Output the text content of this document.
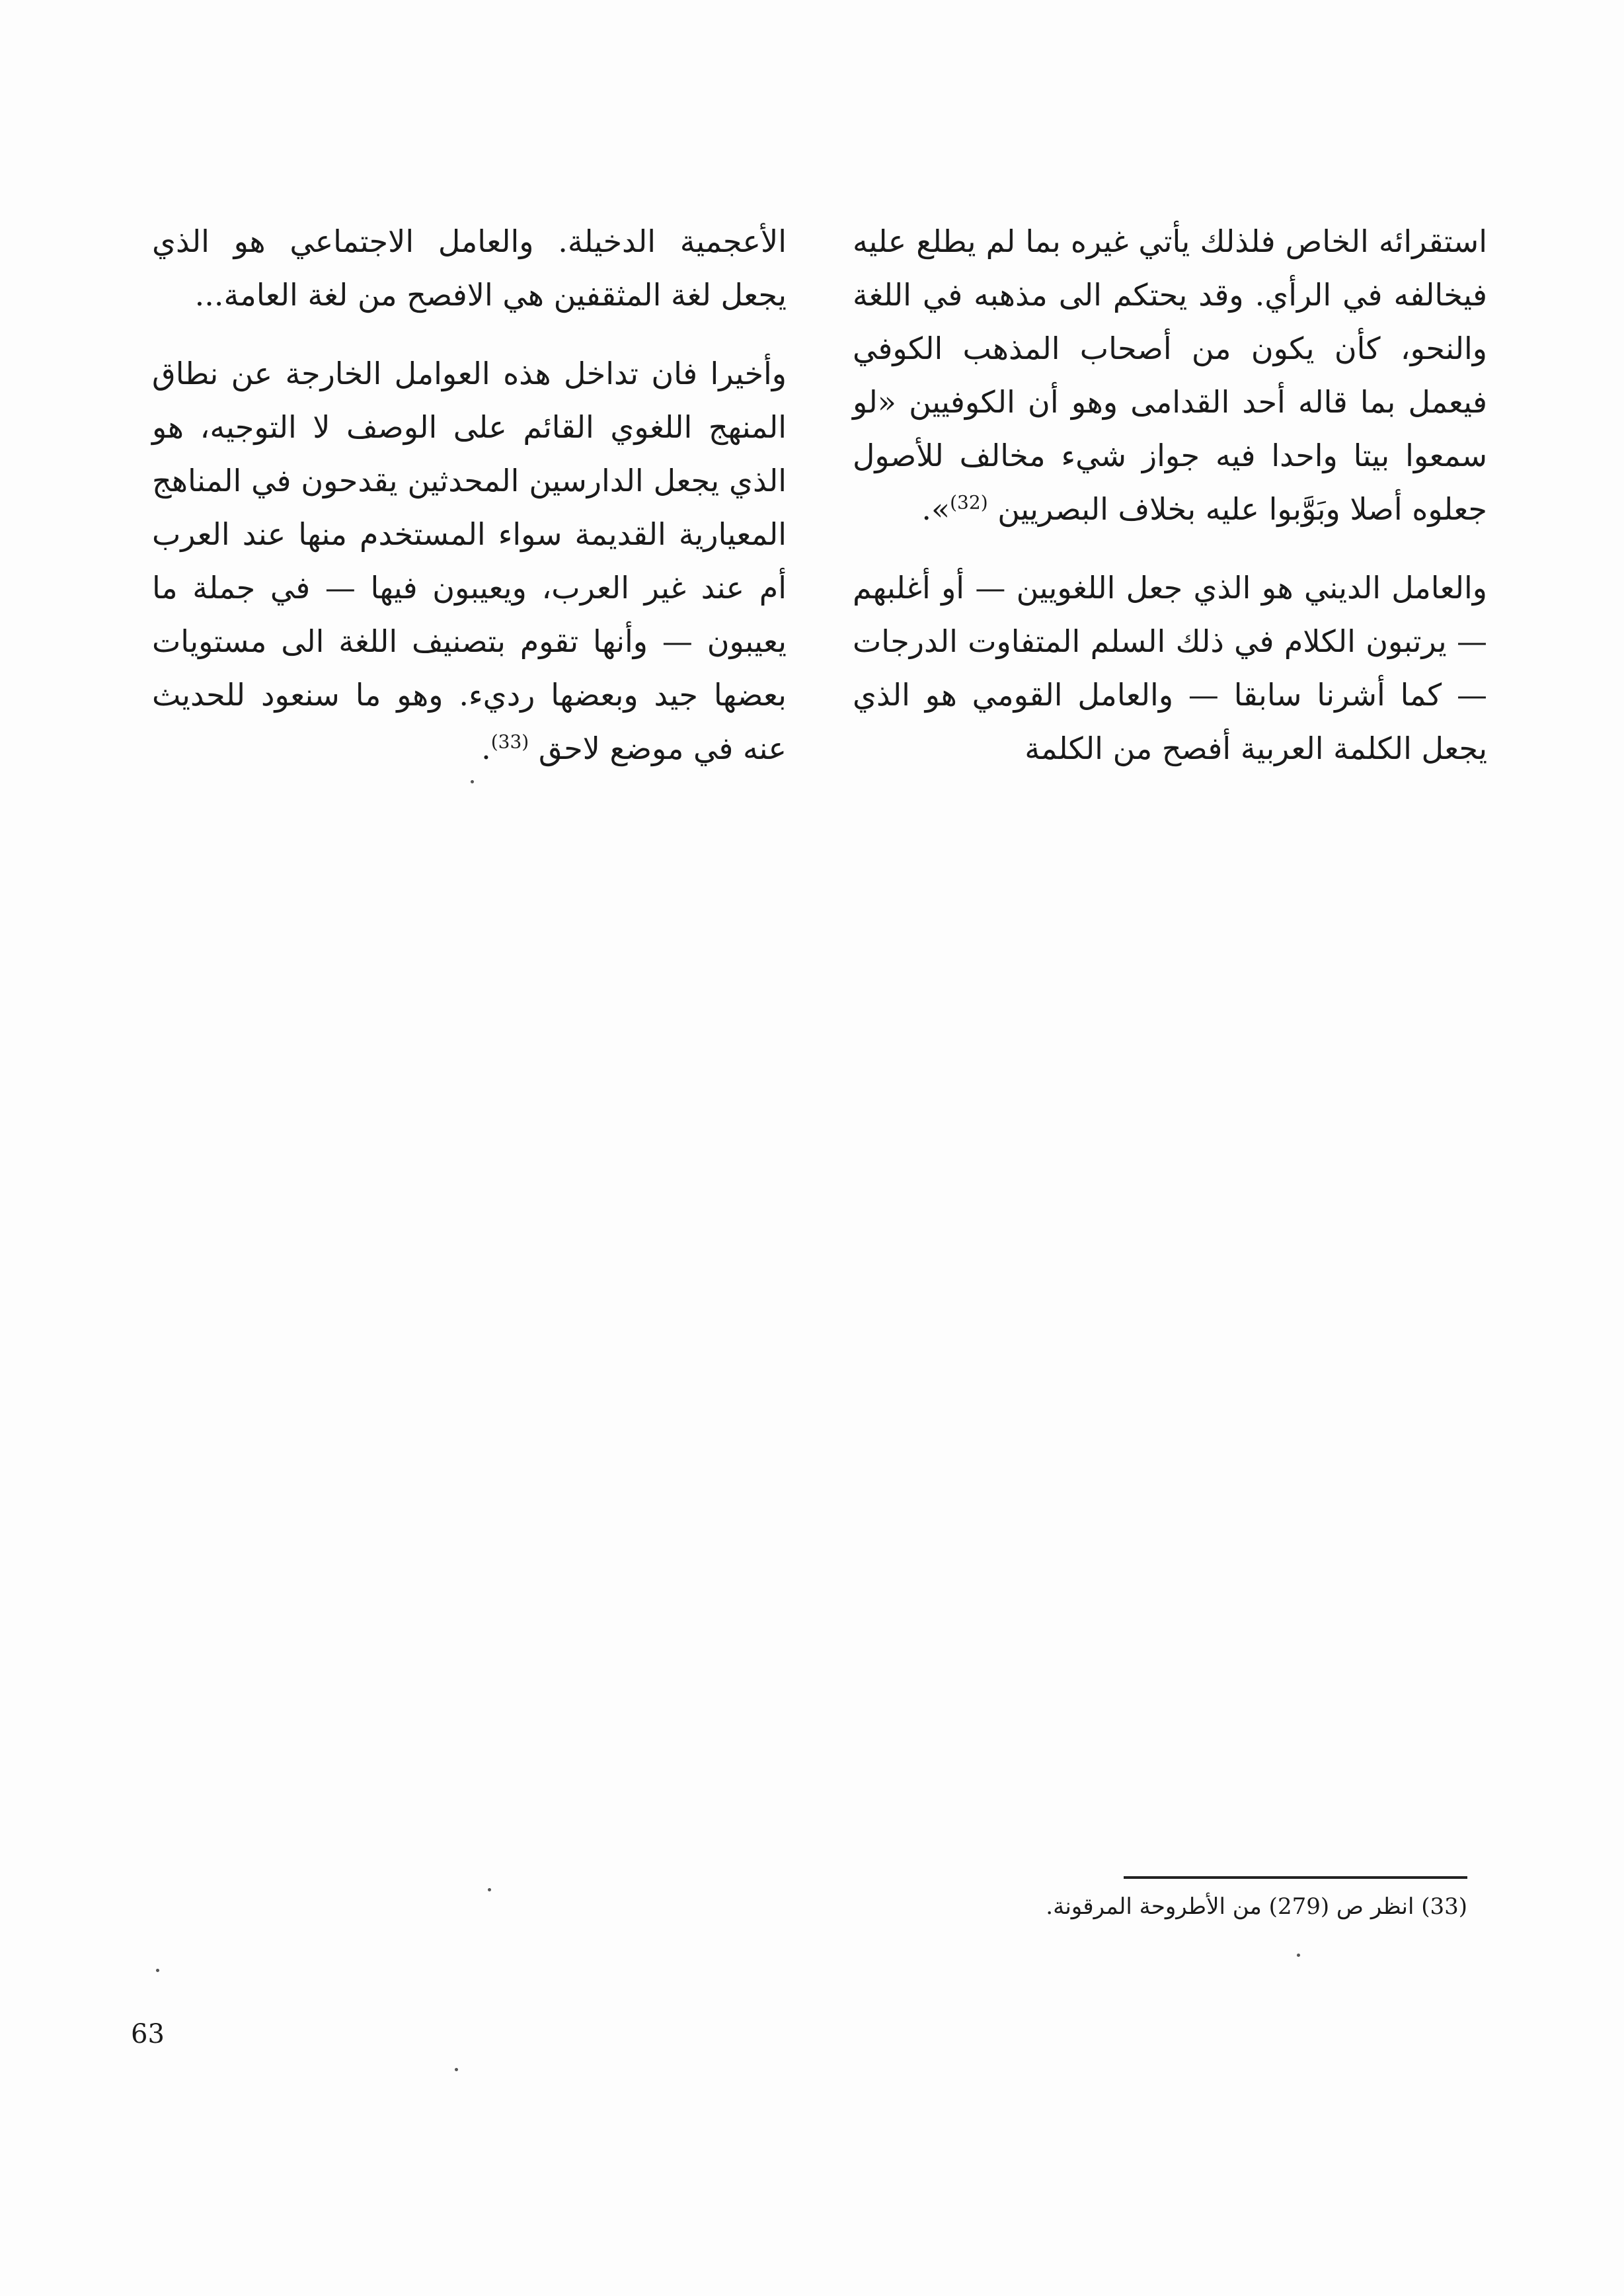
استقرائه الخاص فلذلك يأتي غيره بما لم يطلع عليه فيخالفه في الرأي. وقد يحتكم الى مذهبه في اللغة والنحو، كأن يكون من أصحاب المذهب الكوفي فيعمل بما قاله أحد القدامى وهو أن الكوفيين «لو سمعوا بيتا واحدا فيه جواز شيء مخالف للأصول جعلوه أصلا وبَوَّبوا عليه بخلاف البصريين $^{(32)}$».

والعامل الديني هو الذي جعل اللغويين — أو أغلبهم — يرتبون الكلام في ذلك السلم المتفاوت الدرجات — كما أشرنا سابقا — والعامل القومي هو الذي يجعل الكلمة العربية أفصح من الكلمة

الأعجمية الدخيلة. والعامل الاجتماعي هو الذي يجعل لغة المثقفين هي الافصح من لغة العامة...

وأخيرا فان تداخل هذه العوامل الخارجة عن نطاق المنهج اللغوي القائم على الوصف لا التوجيه، هو الذي يجعل الدارسين المحدثين يقدحون في المناهج المعيارية القديمة سواء المستخدم منها عند العرب أم عند غير العرب، ويعيبون فيها — في جملة ما يعيبون — وأنها تقوم بتصنيف اللغة الى مستويات بعضها جيد وبعضها رديء. وهو ما سنعود للحديث عنه في موضع لاحق $^{(33)}$.

(33) انظر ص (279) من الأطروحة المرقونة.
63
